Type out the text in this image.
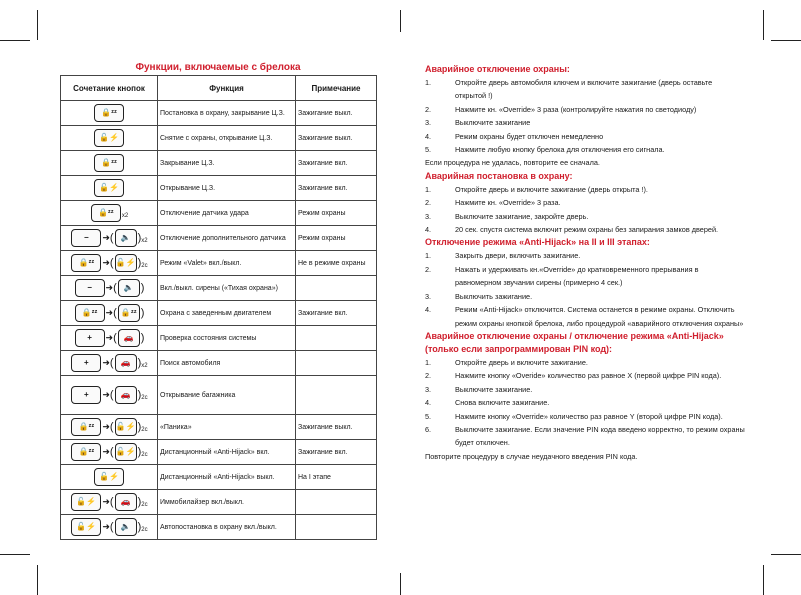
Функции, включаемые с брелока
Сочетание кнопок	Функция	Примечание
🔒ᶻᶻ	Постановка в охрану, закрывание Ц.З.	Зажигание выкл.
🔓⚡	Снятие с охраны, открывание Ц.З.	Зажигание выкл.
🔒ᶻᶻ	Закрывание Ц.З.	Зажигание вкл.
🔓⚡	Открывание Ц.З.	Зажигание вкл.
🔒ᶻᶻ x2	Отключение датчика удара	Режим охраны
− ➜( 🔈 )x2	Отключение дополнительного датчика	Режим охраны
🔒ᶻᶻ ➜( 🔓⚡ )2c	Режим «Valet» вкл./выкл.	Не в режиме охраны
− ➜( 🔈 )	Вкл./выкл. сирены («Тихая охрана»)	
🔒ᶻᶻ ➜( 🔒ᶻᶻ )	Охрана с заведенным двигателем	Зажигание вкл.
+ ➜( 🚗 )	Проверка состояния системы	
+ ➜( 🚗 )x2	Поиск автомобиля	
+ ➜( 🚗 )2c	Открывание багажника	
🔒ᶻᶻ ➜( 🔓⚡ )2c	«Паника»	Зажигание выкл.
🔒ᶻᶻ ➜( 🔓⚡ )2c	Дистанционный «Anti-Hijack» вкл.	Зажигание вкл.
🔓⚡	Дистанционный «Anti-Hijack» выкл.	На I этапе
🔓⚡ ➜( 🚗 )2c	Иммобилайзер вкл./выкл.	
🔓⚡ ➜( 🔈 )2c	Автопостановка в охрану вкл./выкл.	
Аварийное отключение охраны:
1.	Откройте дверь автомобиля ключем и включите зажигание (дверь оставьте открытой !)
2.	Нажмите кн. «Override» 3 раза (контролируйте нажатия по светодиоду)
3.	Выключите зажигание
4.	Режим охраны будет отключен немедленно
5.	Нажмите любую кнопку брелока для отключения его сигнала.

Если процедура не удалась, повторите ее сначала.

Аварийная постановка в охрану:
1.	Откройте дверь и включите зажигание (дверь открыта !).
2.	Нажмите кн. «Override» 3 раза.
3.	Выключите зажигание, закройте дверь.
4.	20 сек. спустя система включит режим охраны без запирания замков дверей.
Отключение режима «Anti-Hijack» на II и III этапах:
1.	Закрыть двери, включить зажигание.
2.	Нажать и удерживать кн.«Override» до кратковременного прерывания в равномерном звучании сирены (примерно 4 сек.)
3.	Выключить зажигание.
4.	Режим «Anti-Hijack» отключится. Система останется в режиме охраны. Отключить режим охраны кнопкой брелока, либо процедурой «аварийного отключения охраны»
Аварийное отключение охраны / отключение режима «Anti-Hijack» (только если запрограммирован PIN код):
1.	Откройте дверь и включите зажигание.
2.	Нажмите кнопку «Overide» количество раз равное X (первой цифре PIN кода).
3.	Выключите зажигание.
4.	Снова включите зажигание.
5.	Нажмите кнопку «Override» количество раз равное Y (второй цифре PIN кода).
6.	Выключите зажигание. Если значение PIN кода введено корректно, то режим охраны будет отключен.

Повторите процедуру в случае неудачного введения PIN кода.
